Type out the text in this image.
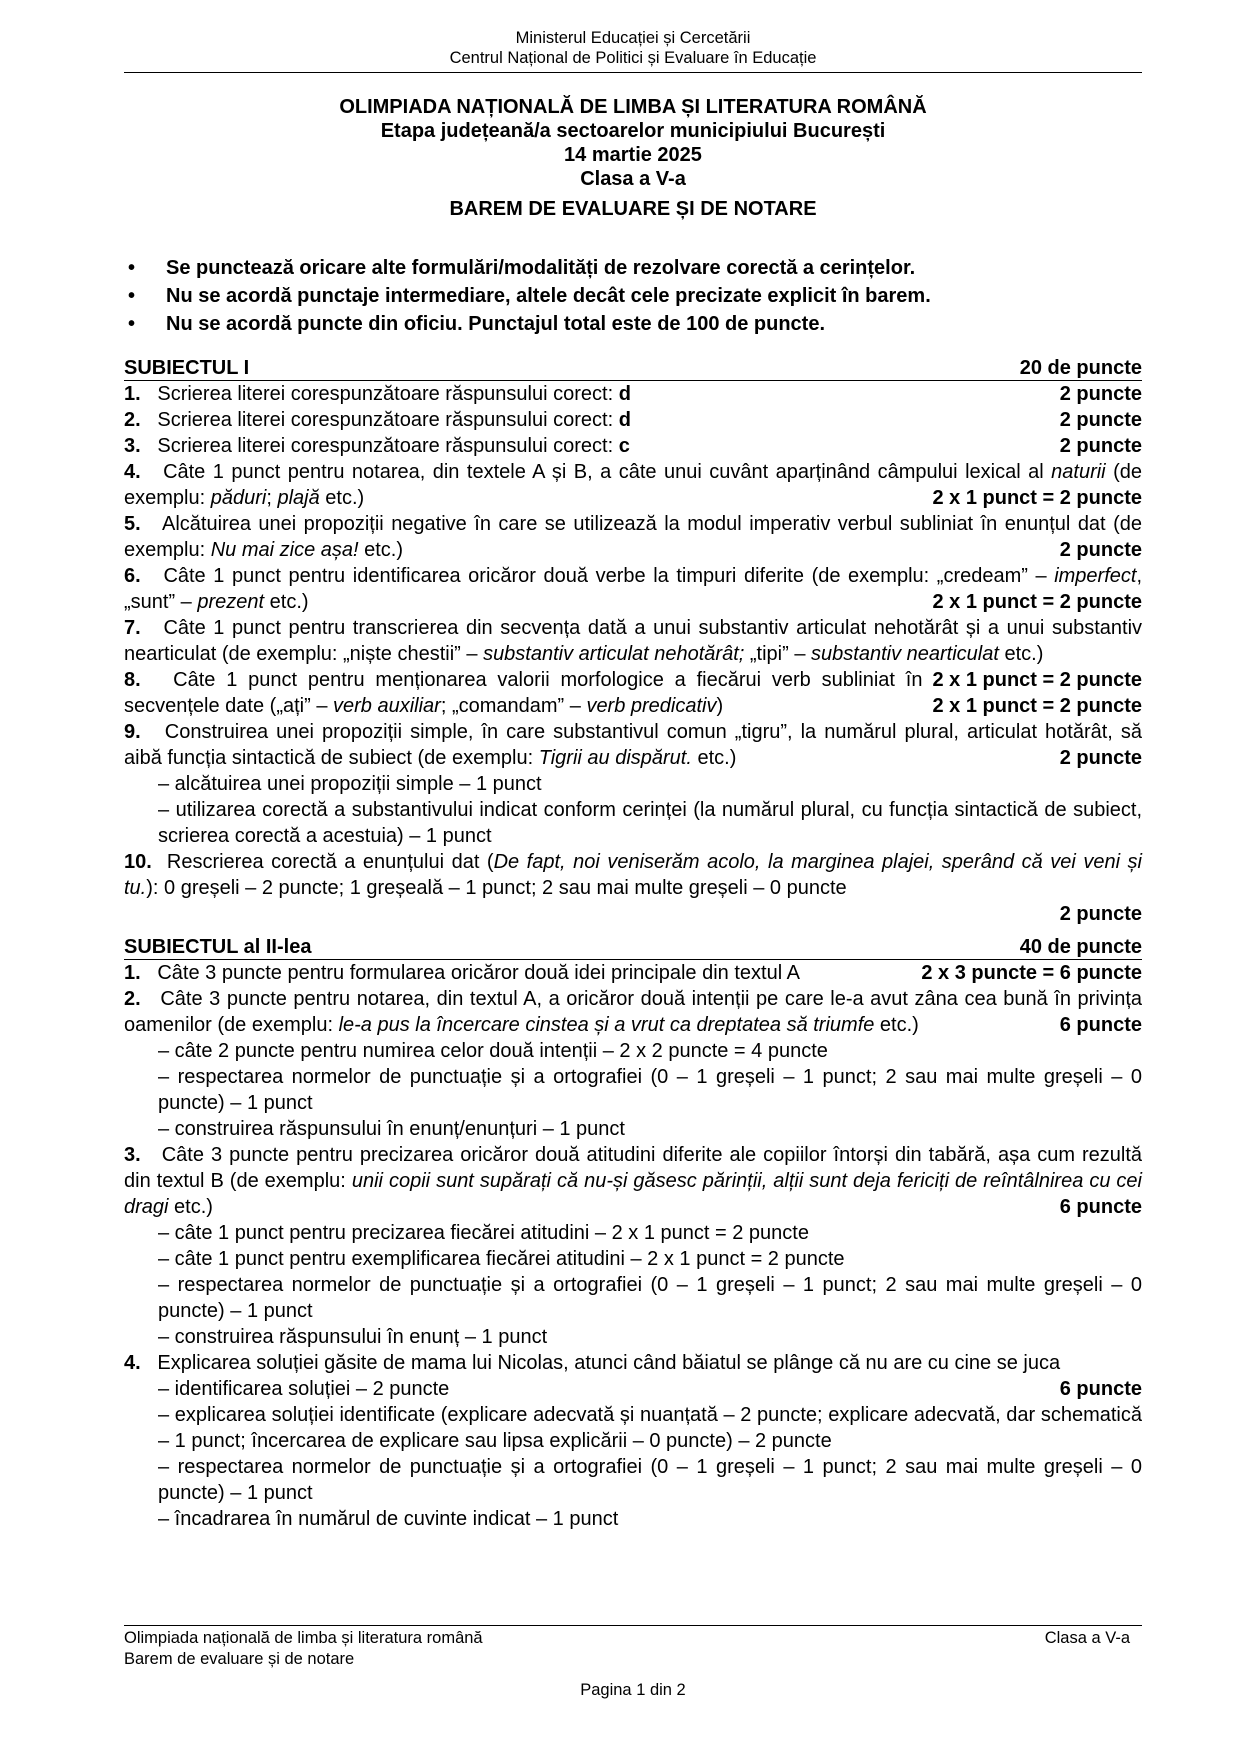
Ministerul Educației și Cercetării
Centrul Național de Politici și Evaluare în Educație
OLIMPIADA NAȚIONALĂ DE LIMBA ȘI LITERATURA ROMÂNĂ
Etapa județeană/a sectoarelor municipiului București
14 martie 2025
Clasa a V-a
BAREM DE EVALUARE ȘI DE NOTARE
• Se punctează oricare alte formulări/modalități de rezolvare corectă a cerințelor.
• Nu se acordă punctaje intermediare, altele decât cele precizate explicit în barem.
• Nu se acordă puncte din oficiu. Punctajul total este de 100 de puncte.
SUBIECTUL I	20 de puncte
1. Scrierea literei corespunzătoare răspunsului corect: d	2 puncte
2. Scrierea literei corespunzătoare răspunsului corect: d	2 puncte
3. Scrierea literei corespunzătoare răspunsului corect: c	2 puncte
4. Câte 1 punct pentru notarea, din textele A și B, a câte unui cuvânt aparținând câmpului lexical al naturii (de exemplu: păduri; plajă etc.)	2 x 1 punct = 2 puncte
5. Alcătuirea unei propoziții negative în care se utilizează la modul imperativ verbul subliniat în enunțul dat (de exemplu: Nu mai zice așa! etc.)	2 puncte
6. Câte 1 punct pentru identificarea oricăror două verbe la timpuri diferite (de exemplu: „credeam” – imperfect, „sunt” – prezent etc.)	2 x 1 punct = 2 puncte
7. Câte 1 punct pentru transcrierea din secvența dată a unui substantiv articulat nehotărât și a unui substantiv nearticulat (de exemplu: „niște chestii” – substantiv articulat nehotărât; „tipi” – substantiv nearticulat etc.)
2 x 1 punct = 2 puncte
8. Câte 1 punct pentru menționarea valorii morfologice a fiecărui verb subliniat în secvențele date („ați” – verb auxiliar; „comandam” – verb predicativ)	2 x 1 punct = 2 puncte
9. Construirea unei propoziții simple, în care substantivul comun „tigru”, la numărul plural, articulat hotărât, să aibă funcția sintactică de subiect (de exemplu: Tigrii au dispărut. etc.)	2 puncte
– alcătuirea unei propoziții simple – 1 punct
– utilizarea corectă a substantivului indicat conform cerinței (la numărul plural, cu funcția sintactică de subiect, scrierea corectă a acestuia) – 1 punct
10. Rescrierea corectă a enunțului dat (De fapt, noi veniserăm acolo, la marginea plajei, sperând că vei veni și tu.): 0 greșeli – 2 puncte; 1 greșeală – 1 punct; 2 sau mai multe greșeli – 0 puncte
2 puncte
SUBIECTUL al II-lea	40 de puncte
1. Câte 3 puncte pentru formularea oricăror două idei principale din textul A	2 x 3 puncte = 6 puncte
2. Câte 3 puncte pentru notarea, din textul A, a oricăror două intenții pe care le-a avut zâna cea bună în privința oamenilor (de exemplu: le-a pus la încercare cinstea și a vrut ca dreptatea să triumfe etc.)	6 puncte
– câte 2 puncte pentru numirea celor două intenții – 2 x 2 puncte = 4 puncte
– respectarea normelor de punctuație și a ortografiei (0 – 1 greșeli – 1 punct; 2 sau mai multe greșeli – 0 puncte) – 1 punct
– construirea răspunsului în enunț/enunțuri – 1 punct
3. Câte 3 puncte pentru precizarea oricăror două atitudini diferite ale copiilor întorși din tabără, așa cum rezultă din textul B (de exemplu: unii copii sunt supărați că nu-și găsesc părinții, alții sunt deja fericiți de reîntâlnirea cu cei dragi etc.)	6 puncte
– câte 1 punct pentru precizarea fiecărei atitudini – 2 x 1 punct = 2 puncte
– câte 1 punct pentru exemplificarea fiecărei atitudini – 2 x 1 punct = 2 puncte
– respectarea normelor de punctuație și a ortografiei (0 – 1 greșeli – 1 punct; 2 sau mai multe greșeli – 0 puncte) – 1 punct
– construirea răspunsului în enunț – 1 punct
4. Explicarea soluției găsite de mama lui Nicolas, atunci când băiatul se plânge că nu are cu cine se juca
6 puncte
– identificarea soluției – 2 puncte
– explicarea soluției identificate (explicare adecvată și nuanțată – 2 puncte; explicare adecvată, dar schematică – 1 punct; încercarea de explicare sau lipsa explicării – 0 puncte) – 2 puncte
– respectarea normelor de punctuație și a ortografiei (0 – 1 greșeli – 1 punct; 2 sau mai multe greșeli – 0 puncte) – 1 punct
– încadrarea în numărul de cuvinte indicat – 1 punct
Olimpiada națională de limba și literatura română
Barem de evaluare și de notare
Clasa a V-a
Pagina 1 din 2
